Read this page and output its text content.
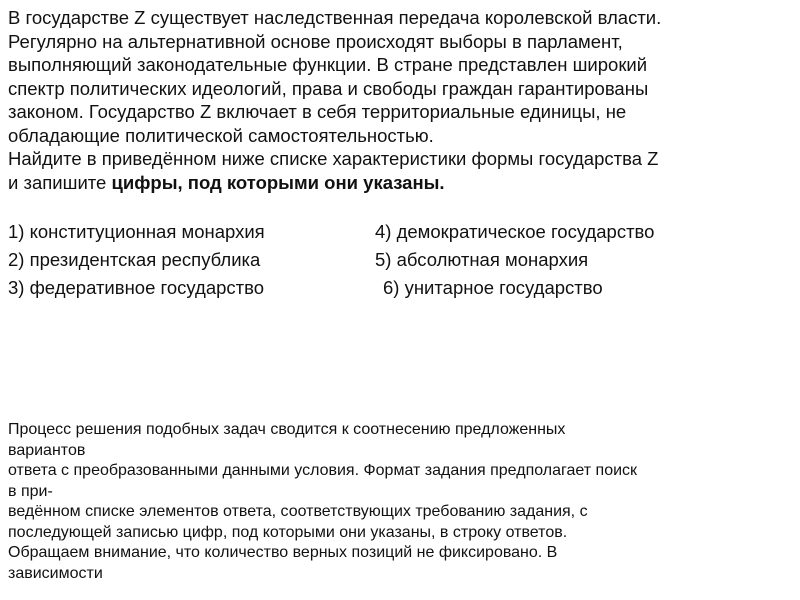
В государстве Z существует наследственная передача королевской власти.
Регулярно на альтернативной основе происходят выборы в парламент,
выполняющий законодательные функции. В стране представлен широкий
спектр политических идеологий, права и свободы граждан гарантированы
законом. Государство Z включает в себя территориальные единицы, не
обладающие политической самостоятельностью.
Найдите в приведённом ниже списке характеристики формы государства Z
и запишите цифры, под которыми они указаны.
1) конституционная монархия	4) демократическое государство
2) президентская республика	5) абсолютная монархия
3) федеративное государство	6) унитарное государство
Процесс решения подобных задач сводится к соотнесению предложенных
вариантов
ответа с преобразованными данными условия. Формат задания предполагает поиск
в при-
ведённом списке элементов ответа, соответствующих требованию задания, с
последующей записью цифр, под которыми они указаны, в строку ответов.
Обращаем внимание, что количество верных позиций не фиксировано. В
зависимости
